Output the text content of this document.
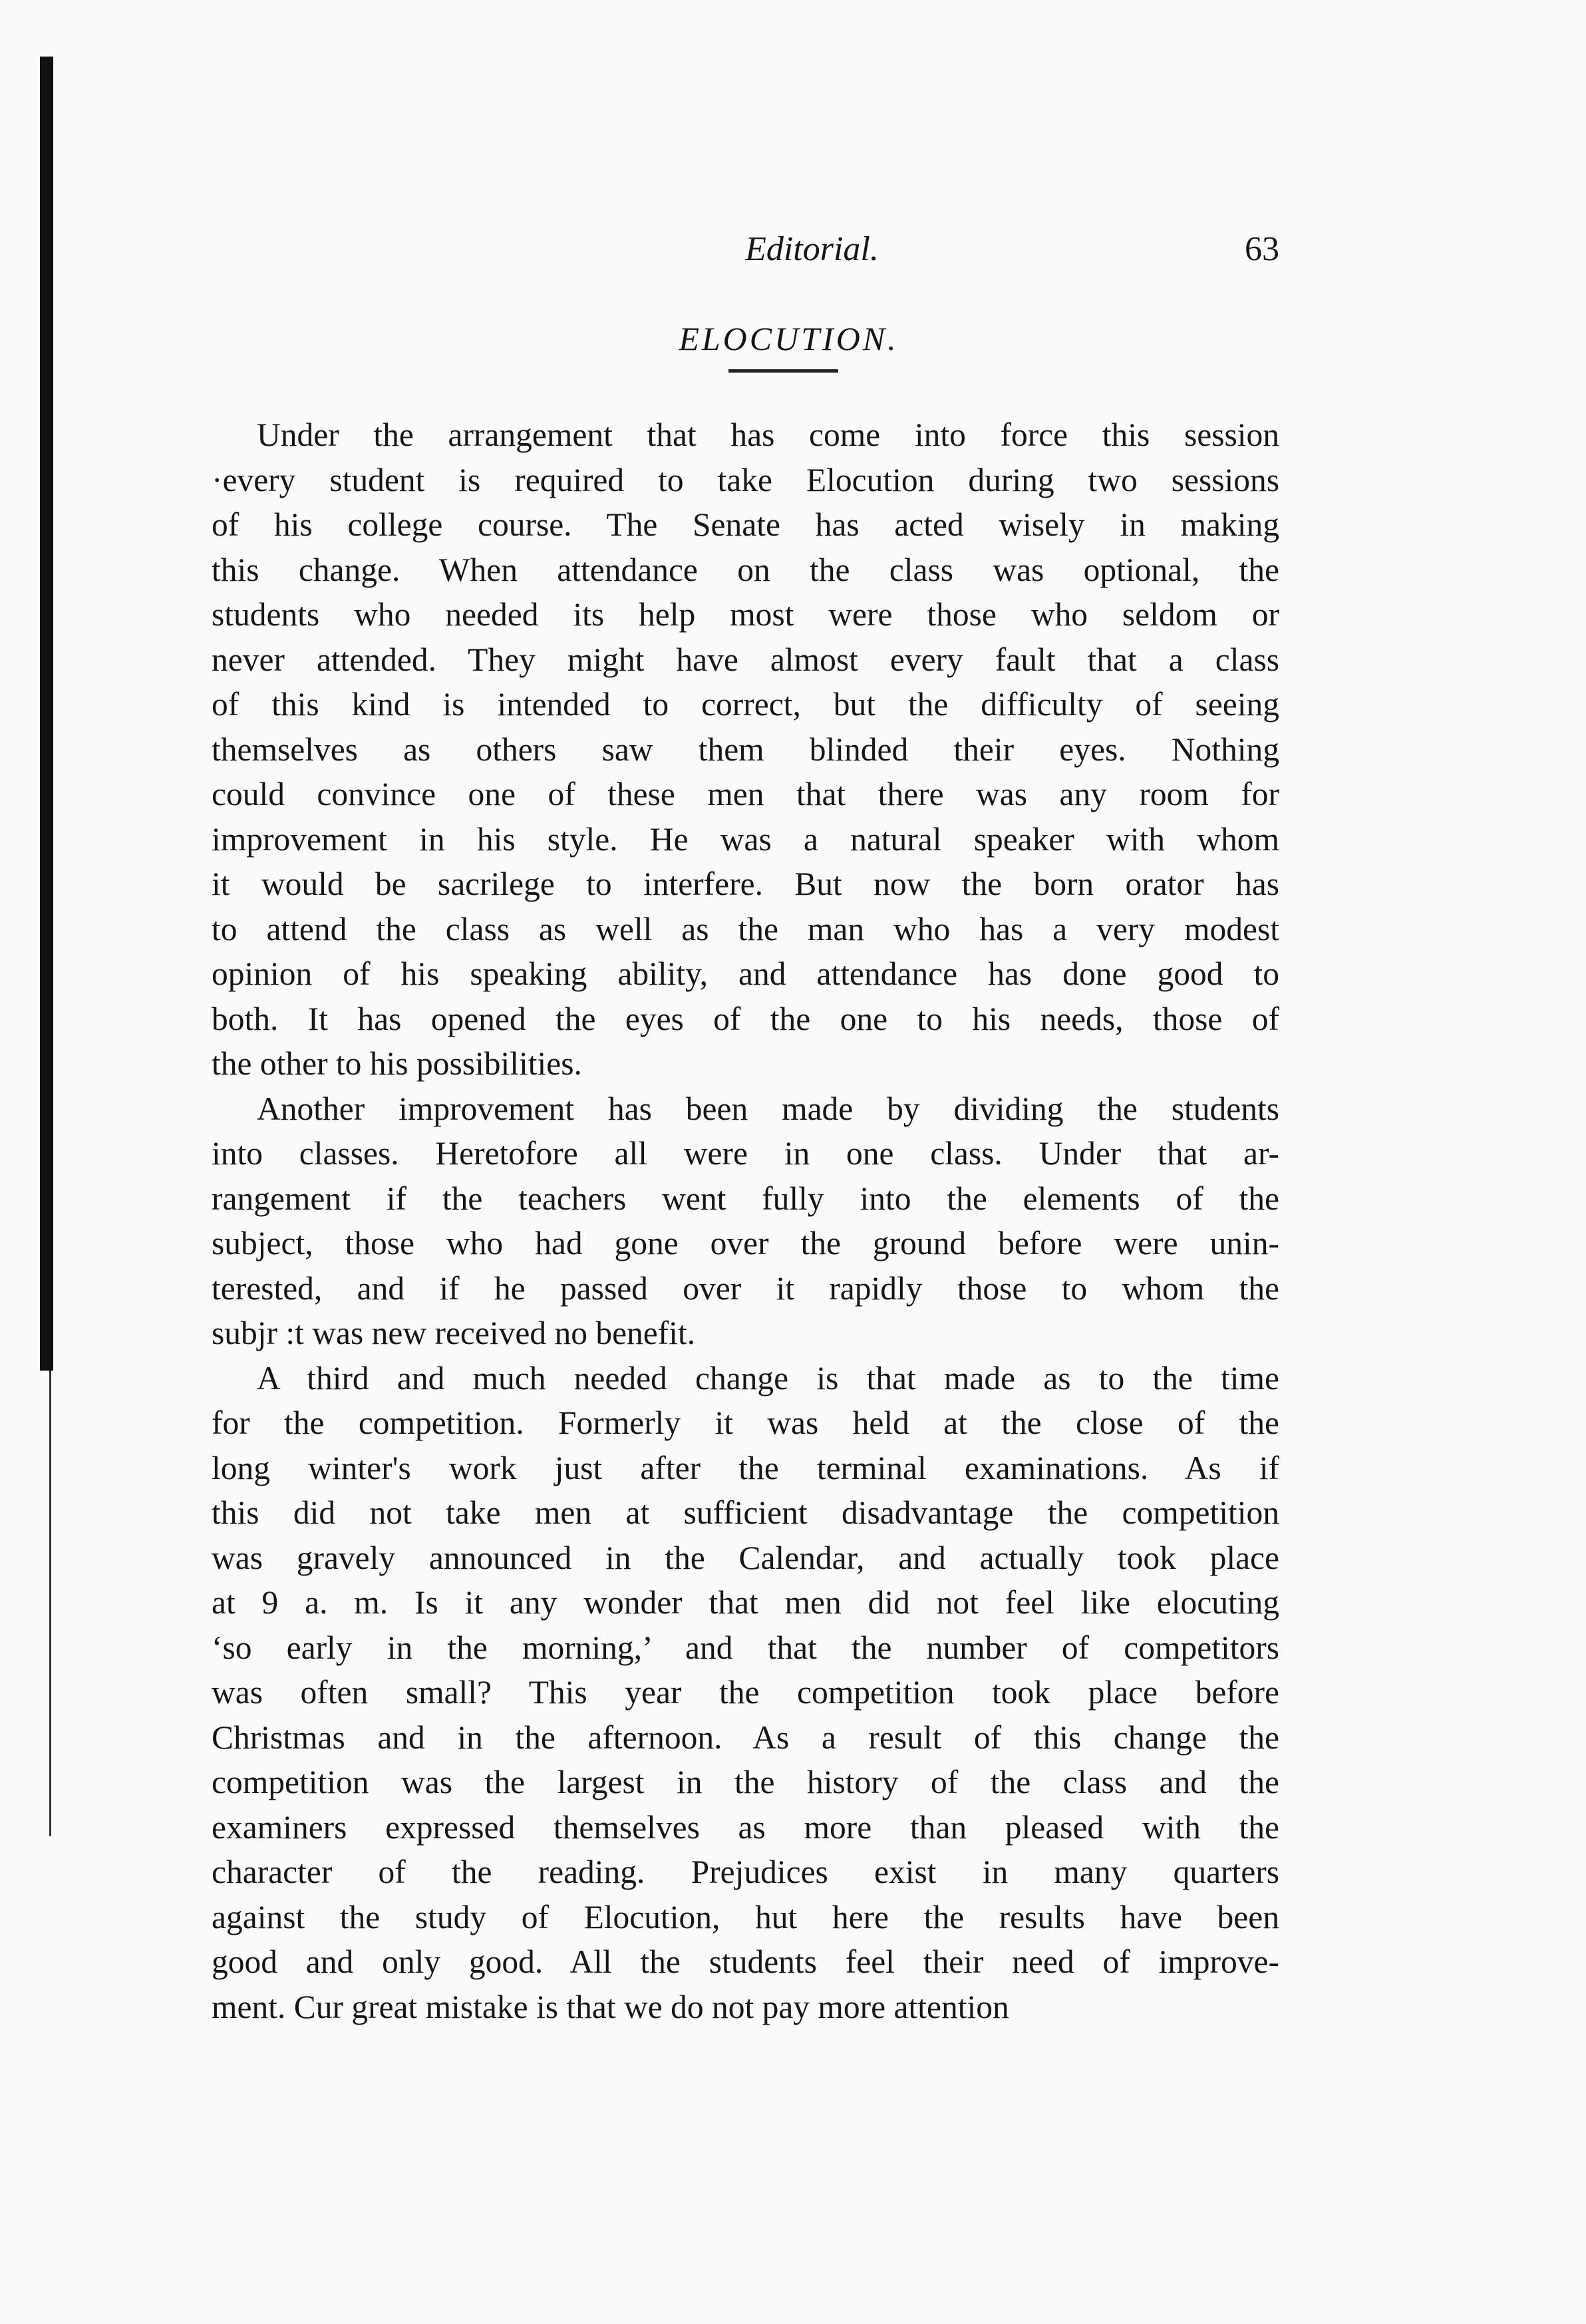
Editorial.	63
ELOCUTION.

Under the arrangement that has come into force this session
·every student is required to take Elocution during two sessions
of his college course. The Senate has acted wisely in making
this change. When attendance on the class was optional, the
students who needed its help most were those who seldom or
never attended. They might have almost every fault that a class
of this kind is intended to correct, but the difficulty of seeing
themselves as others saw them blinded their eyes. Nothing
could convince one of these men that there was any room for
improvement in his style. He was a natural speaker with whom
it would be sacrilege to interfere. But now the born orator has
to attend the class as well as the man who has a very modest
opinion of his speaking ability, and attendance has done good to
both. It has opened the eyes of the one to his needs, those of
the other to his possibilities.

Another improvement has been made by dividing the students
into classes. Heretofore all were in one class. Under that ar-
rangement if the teachers went fully into the elements of the
subject, those who had gone over the ground before were unin-
terested, and if he passed over it rapidly those to whom the
subjr :t was new received no benefit.

A third and much needed change is that made as to the time
for the competition. Formerly it was held at the close of the
long winter's work just after the terminal examinations. As if
this did not take men at sufficient disadvantage the competition
was gravely announced in the Calendar, and actually took place
at 9 a. m. Is it any wonder that men did not feel like elocuting
‘so early in the morning,’ and that the number of competitors
was often small? This year the competition took place before
Christmas and in the afternoon. As a result of this change the
competition was the largest in the history of the class and the
examiners expressed themselves as more than pleased with the
character of the reading. Prejudices exist in many quarters
against the study of Elocution, hut here the results have been
good and only good. All the students feel their need of improve-
ment. Cur great mistake is that we do not pay more attention
